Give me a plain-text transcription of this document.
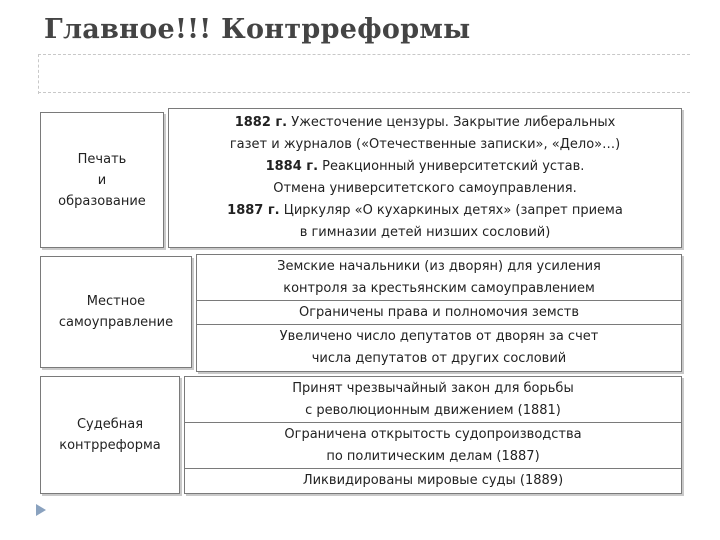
Главное!!! Контрреформы
Печать
и
образование
1882 г. Ужесточение цензуры. Закрытие либеральных
газет и журналов («Отечественные записки», «Дело»…)
1884 г. Реакционный университетский устав.
Отмена университетского самоуправления.
1887 г. Циркуляр «О кухаркиных детях» (запрет приема
в гимназии детей низших сословий)
Местное
самоуправление
Земские начальники (из дворян) для усиления
контроля за крестьянским самоуправлением
Ограничены права и полномочия земств
Увеличено число депутатов от дворян за счет
числа депутатов от других сословий
Судебная
контрреформа
Принят чрезвычайный закон для борьбы
с революционным движением (1881)
Ограничена открытость судопроизводства
по политическим делам (1887)
Ликвидированы мировые суды (1889)
